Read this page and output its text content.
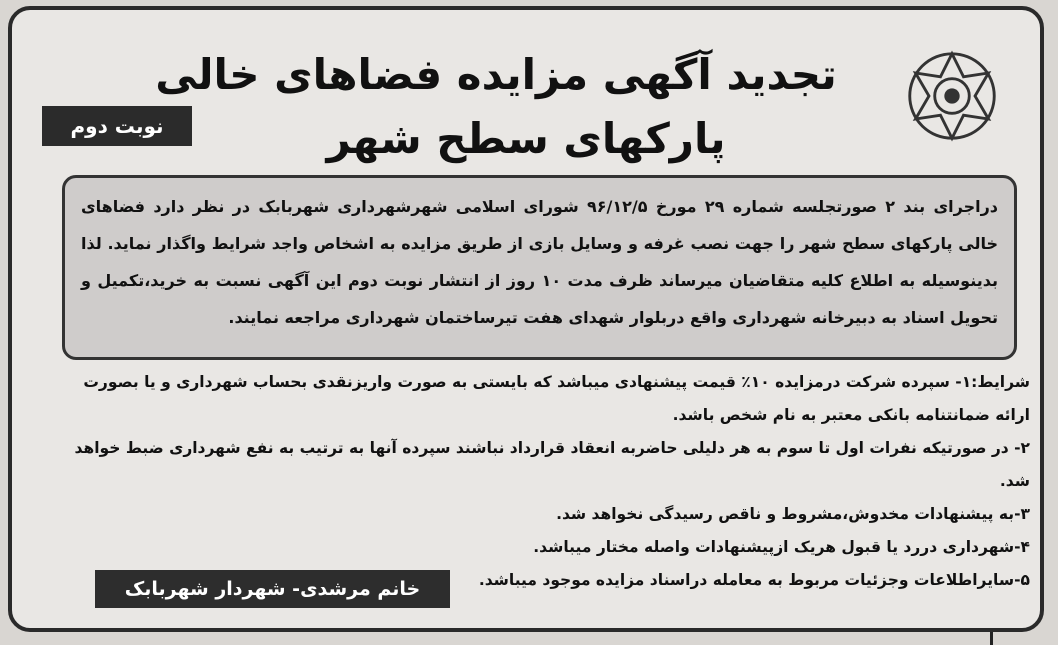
تجدید آگهی مزایده فضاهای خالی
پارکهای سطح شهر
نوبت دوم

دراجرای بند ۲ صورتجلسه شماره ۲۹ مورخ ۹۶/۱۲/۵ شورای اسلامی شهرشهرداری شهربابک در نظر دارد فضاهای خالی پارکهای سطح شهر را جهت نصب غرفه و وسایل بازی از طریق مزایده به اشخاص واجد شرایط واگذار نماید. لذا بدینوسیله به اطلاع کلیه متقاضیان میرساند ظرف مدت ۱۰ روز از انتشار نوبت دوم این آگهی نسبت به خرید،تکمیل و تحویل اسناد به دبیرخانه شهرداری واقع دربلوار شهدای هفت تیرساختمان شهرداری مراجعه نمایند.

شرایط:۱- سپرده شرکت درمزایده ۱۰٪ قیمت پیشنهادی میباشد که بایستی به صورت واریزنقدی بحساب شهرداری و یا بصورت ارائه ضمانتنامه بانکی معتبر به نام شخص باشد.

۲- در صورتیکه نفرات اول تا سوم به هر دلیلی حاضربه انعقاد قرارداد نباشند سپرده آنها به ترتیب به نفع شهرداری ضبط خواهد شد.

۳-به پیشنهادات مخدوش،مشروط و ناقص رسیدگی نخواهد شد.

۴-شهرداری دررد یا قبول هریک ازپیشنهادات واصله مختار میباشد.

۵-سایراطلاعات وجزئیات مربوط به معامله دراسناد مزایده موجود میباشد.

خانم مرشدی- شهردار شهربابک
